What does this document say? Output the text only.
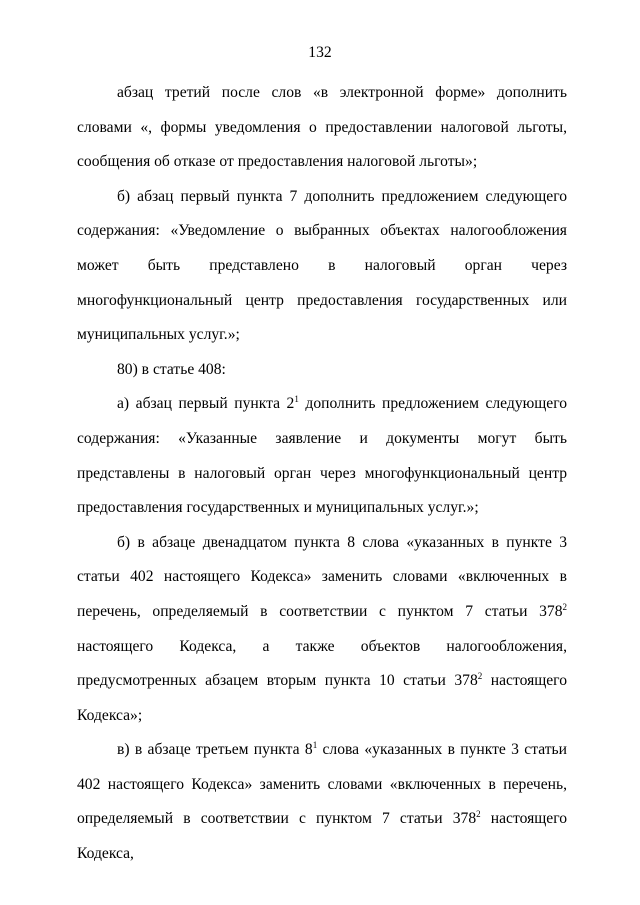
132

абзац третий после слов «в электронной форме» дополнить словами «, формы уведомления о предоставлении налоговой льготы, сообщения об отказе от предоставления налоговой льготы»;

б) абзац первый пункта 7 дополнить предложением следующего содержания: «Уведомление о выбранных объектах налогообложения может быть представлено в налоговый орган через многофункциональный центр предоставления государственных или муниципальных услуг.»;

80) в статье 408:

а) абзац первый пункта $2^1$ дополнить предложением следующего содержания: «Указанные заявление и документы могут быть представлены в налоговый орган через многофункциональный центр предоставления государственных и муниципальных услуг.»;

б) в абзаце двенадцатом пункта 8 слова «указанных в пункте 3 статьи 402 настоящего Кодекса» заменить словами «включенных в перечень, определяемый в соответствии с пунктом 7 статьи $378^2$ настоящего Кодекса, а также объектов налогообложения, предусмотренных абзацем вторым пункта 10 статьи $378^2$ настоящего Кодекса»;

в) в абзаце третьем пункта $8^1$ слова «указанных в пункте 3 статьи 402 настоящего Кодекса» заменить словами «включенных в перечень, определяемый в соответствии с пунктом 7 статьи $378^2$ настоящего Кодекса,
